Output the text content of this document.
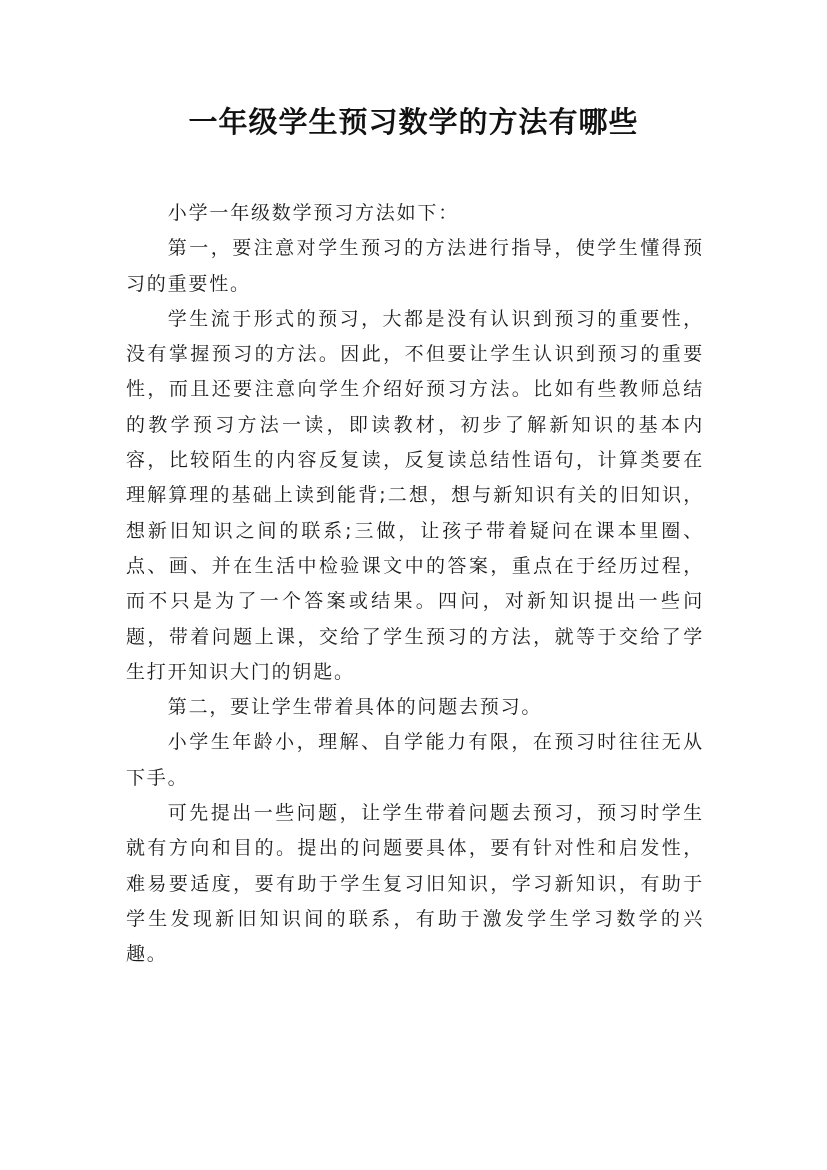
一年级学生预习数学的方法有哪些

小学一年级数学预习方法如下：

第一，要注意对学生预习的方法进行指导，使学生懂得预习的重要性。

学生流于形式的预习，大都是没有认识到预习的重要性，没有掌握预习的方法。因此，不但要让学生认识到预习的重要性，而且还要注意向学生介绍好预习方法。比如有些教师总结的教学预习方法一读，即读教材，初步了解新知识的基本内容，比较陌生的内容反复读，反复读总结性语句，计算类要在理解算理的基础上读到能背;二想，想与新知识有关的旧知识，想新旧知识之间的联系;三做，让孩子带着疑问在课本里圈、点、画、并在生活中检验课文中的答案，重点在于经历过程，而不只是为了一个答案或结果。四问，对新知识提出一些问题，带着问题上课，交给了学生预习的方法，就等于交给了学生打开知识大门的钥匙。

第二，要让学生带着具体的问题去预习。

小学生年龄小，理解、自学能力有限，在预习时往往无从下手。

可先提出一些问题，让学生带着问题去预习，预习时学生就有方向和目的。提出的问题要具体，要有针对性和启发性，难易要适度，要有助于学生复习旧知识，学习新知识，有助于学生发现新旧知识间的联系，有助于激发学生学习数学的兴趣。
